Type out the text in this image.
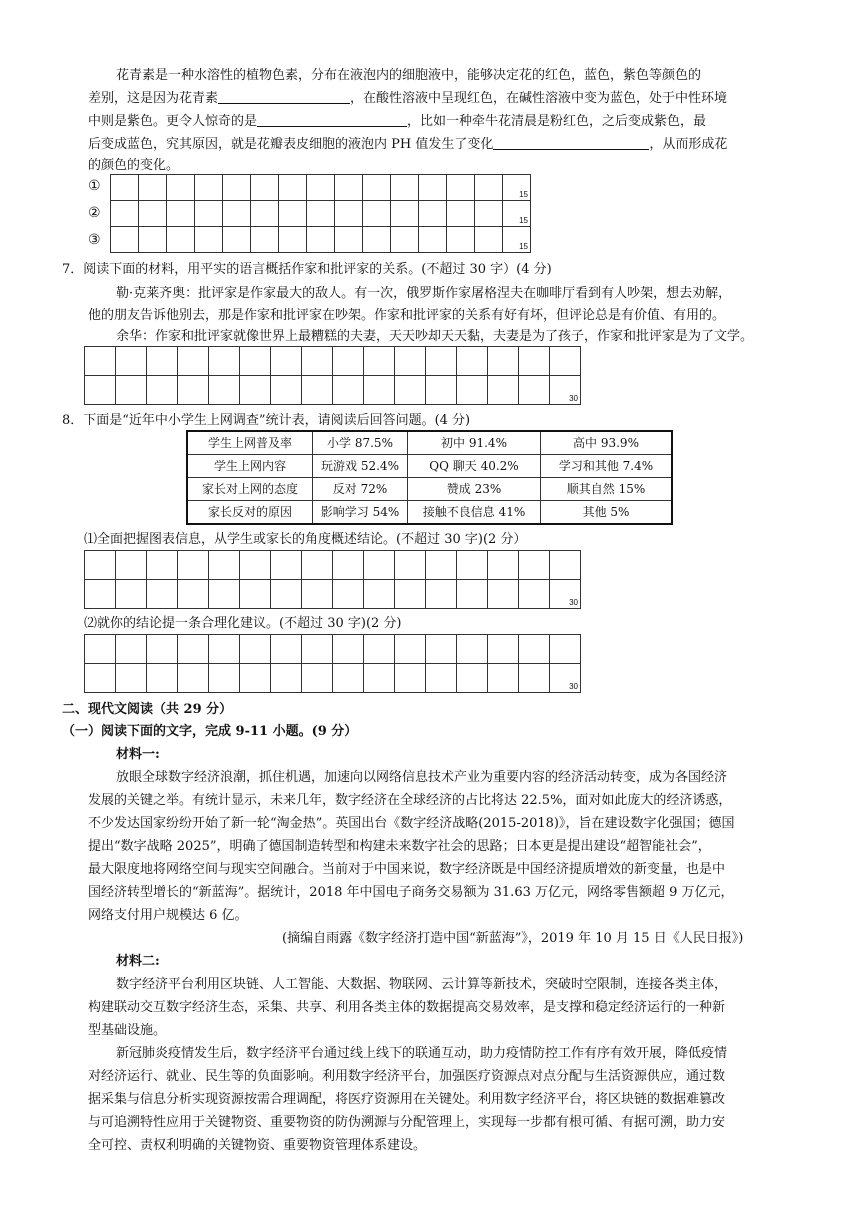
花青素是一种水溶性的植物色素，分布在液泡内的细胞液中，能够决定花的红色，蓝色，紫色等颜色的
差别，这是因为花青素	，在酸性溶液中呈现红色，在碱性溶液中变为蓝色，处于中性环境
中则是紫色。更令人惊奇的是	，比如一种牵牛花清晨是粉红色，之后变成紫色，最
后变成蓝色，究其原因，就是花瓣表皮细胞的液泡内 PH 值发生了变化	，从而形成花
的颜色的变化。
①
②
③

														15

														15

														15
7．阅读下面的材料，用平实的语言概括作家和批评家的关系。(不超过 30 字）(4 分)
勒·克莱齐奥：批评家是作家最大的敌人。有一次，俄罗斯作家屠格涅夫在咖啡厅看到有人吵架，想去劝解，
他的朋友告诉他别去，那是作家和批评家在吵架。作家和批评家的关系有好有坏，但评论总是有价值、有用的。
余华：作家和批评家就像世界上最糟糕的夫妻，天天吵却天天黏，夫妻是为了孩子，作家和批评家是为了文学。

															30
8．下面是“近年中小学生上网调查”统计表，请阅读后回答问题。(4 分)
学生上网普及率	小学 87.5%	初中 91.4%	高中 93.9%
学生上网内容	玩游戏 52.4%	QQ 聊天 40.2%	学习和其他 7.4%
家长对上网的态度	反对 72%	赞成 23%	顺其自然 15%
家长反对的原因	影响学习 54%	接触不良信息 41%	其他 5%
⑴全面把握图表信息，从学生或家长的角度概述结论。(不超过 30 字)(2 分）

															30
⑵就你的结论提一条合理化建议。(不超过 30 字)(2 分)

															30
二、现代文阅读（共 29 分）
（一）阅读下面的文字，完成 9-11 小题。(9 分）
材料一:
放眼全球数字经济浪潮，抓住机遇，加速向以网络信息技术产业为重要内容的经济活动转变，成为各国经济
发展的关键之举。有统计显示，未来几年，数字经济在全球经济的占比将达 22.5%，面对如此庞大的经济诱惑，
不少发达国家纷纷开始了新一轮“淘金热”。英国出台《数字经济战略(2015-2018)》，旨在建设数字化强国；德国
提出“数字战略 2025”，明确了德国制造转型和构建未来数字社会的思路；日本更是提出建设“超智能社会”，
最大限度地将网络空间与现实空间融合。当前对于中国来说，数字经济既是中国经济提质增效的新变量，也是中
国经济转型增长的“新蓝海”。据统计，2018 年中国电子商务交易额为 31.63 万亿元，网络零售额超 9 万亿元，
网络支付用户规模达 6 亿。
(摘编自雨露《数字经济打造中国“新蓝海”》，2019 年 10 月 15 日《人民日报》)
材料二:
数字经济平台利用区块链、人工智能、大数据、物联网、云计算等新技术，突破时空限制，连接各类主体，
构建联动交互数字经济生态，采集、共享、利用各类主体的数据提高交易效率，是支撑和稳定经济运行的一种新
型基础设施。
新冠肺炎疫情发生后，数字经济平台通过线上线下的联通互动，助力疫情防控工作有序有效开展，降低疫情
对经济运行、就业、民生等的负面影响。利用数字经济平台，加强医疗资源点对点分配与生活资源供应，通过数
据采集与信息分析实现资源按需合理调配，将医疗资源用在关键处。利用数字经济平台，将区块链的数据难篡改
与可追溯特性应用于关键物资、重要物资的防伪溯源与分配管理上，实现每一步都有根可循、有据可溯，助力安
全可控、责权利明确的关键物资、重要物资管理体系建设。
